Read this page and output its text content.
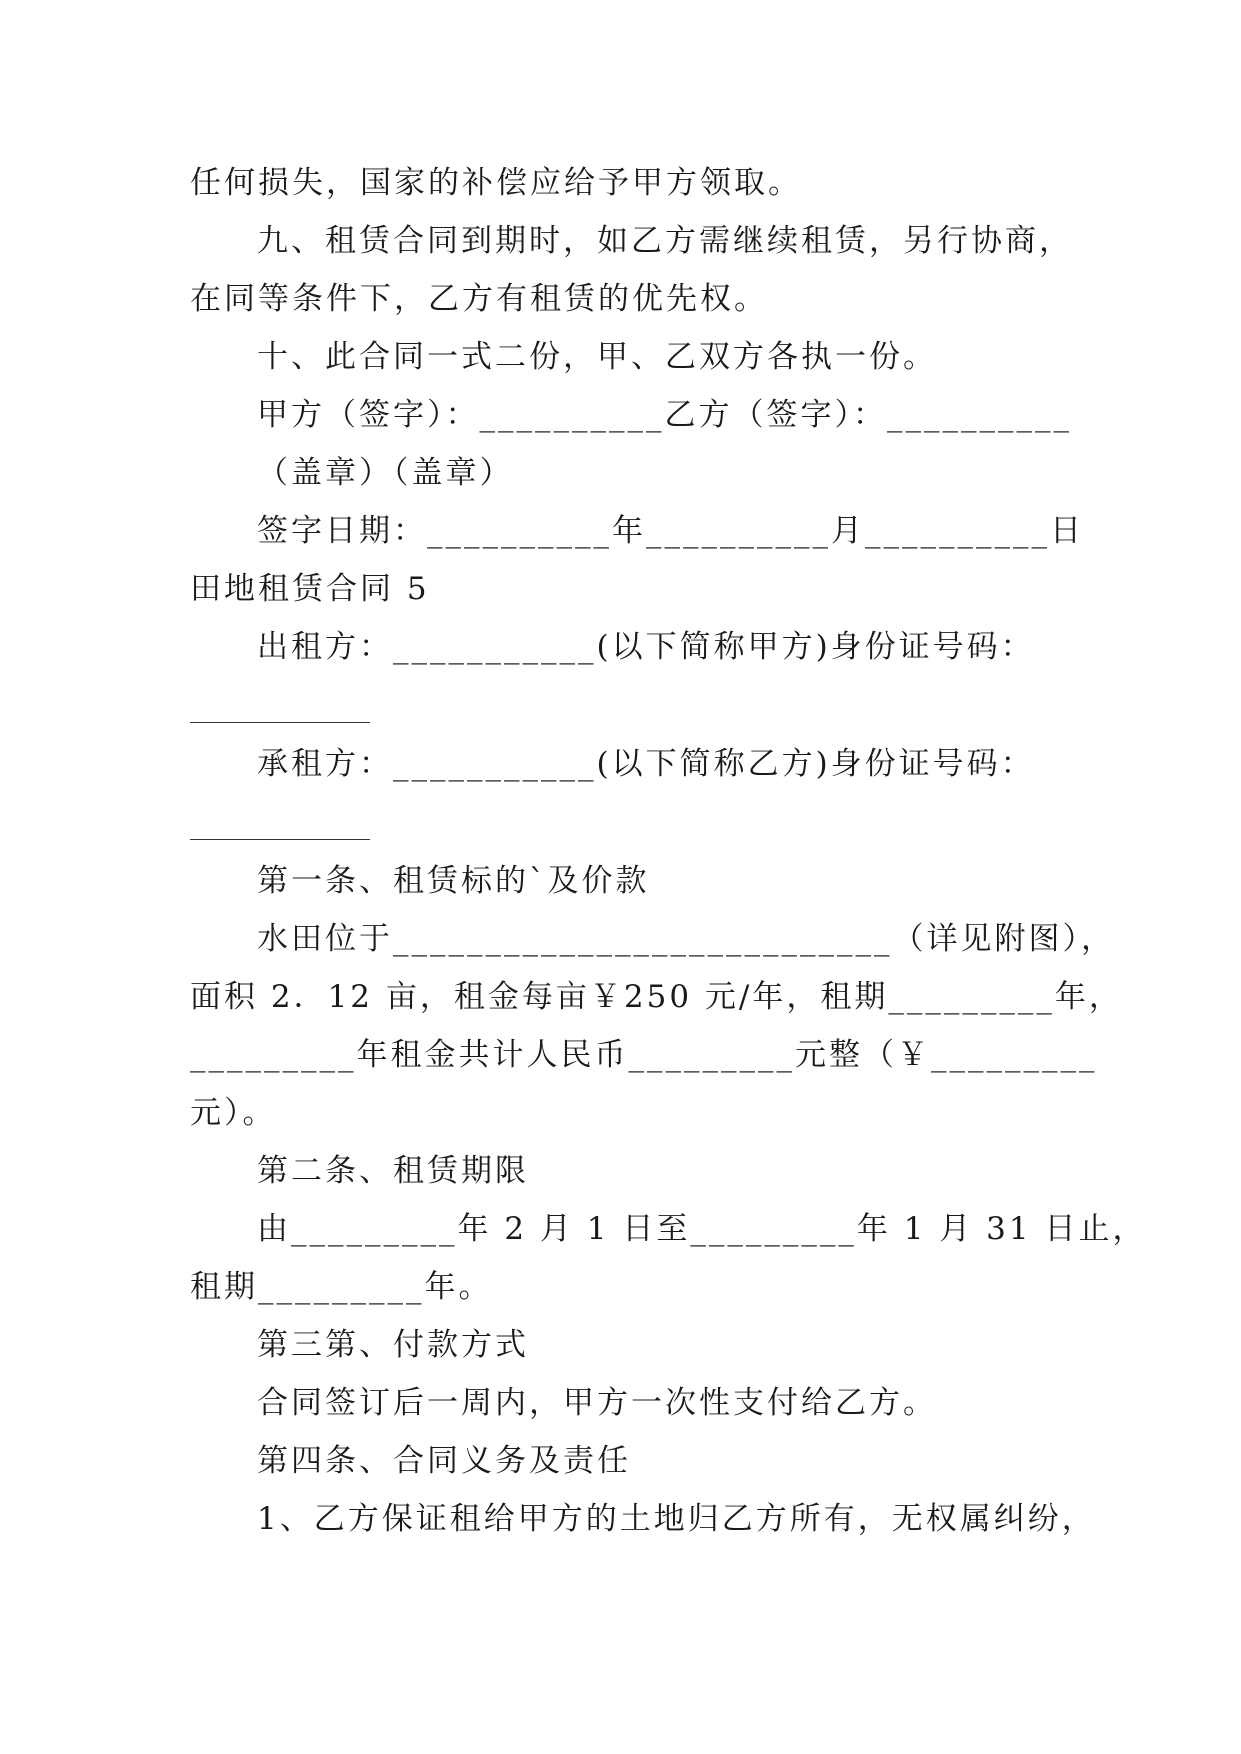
任何损失，国家的补偿应给予甲方领取。
九、租赁合同到期时，如乙方需继续租赁，另行协商，
在同等条件下，乙方有租赁的优先权。
十、此合同一式二份，甲、乙双方各执一份。
甲方（签字）：__________乙方（签字）：__________
（盖章）（盖章）
签字日期：__________年__________月__________日
田地租赁合同 5
出租方：___________(以下简称甲方)身份证号码：
承租方：___________(以下简称乙方)身份证号码：
第一条、租赁标的`及价款
水田位于___________________________（详见附图），
面积 2．12 亩，租金每亩￥250 元/年，租期_________年，
_________年租金共计人民币_________元整（￥_________
元）。
第二条、租赁期限
由_________年 2 月 1 日至_________年 1 月 31 日止，
租期_________年。
第三第、付款方式
合同签订后一周内，甲方一次性支付给乙方。
第四条、合同义务及责任
1、乙方保证租给甲方的土地归乙方所有，无权属纠纷，
